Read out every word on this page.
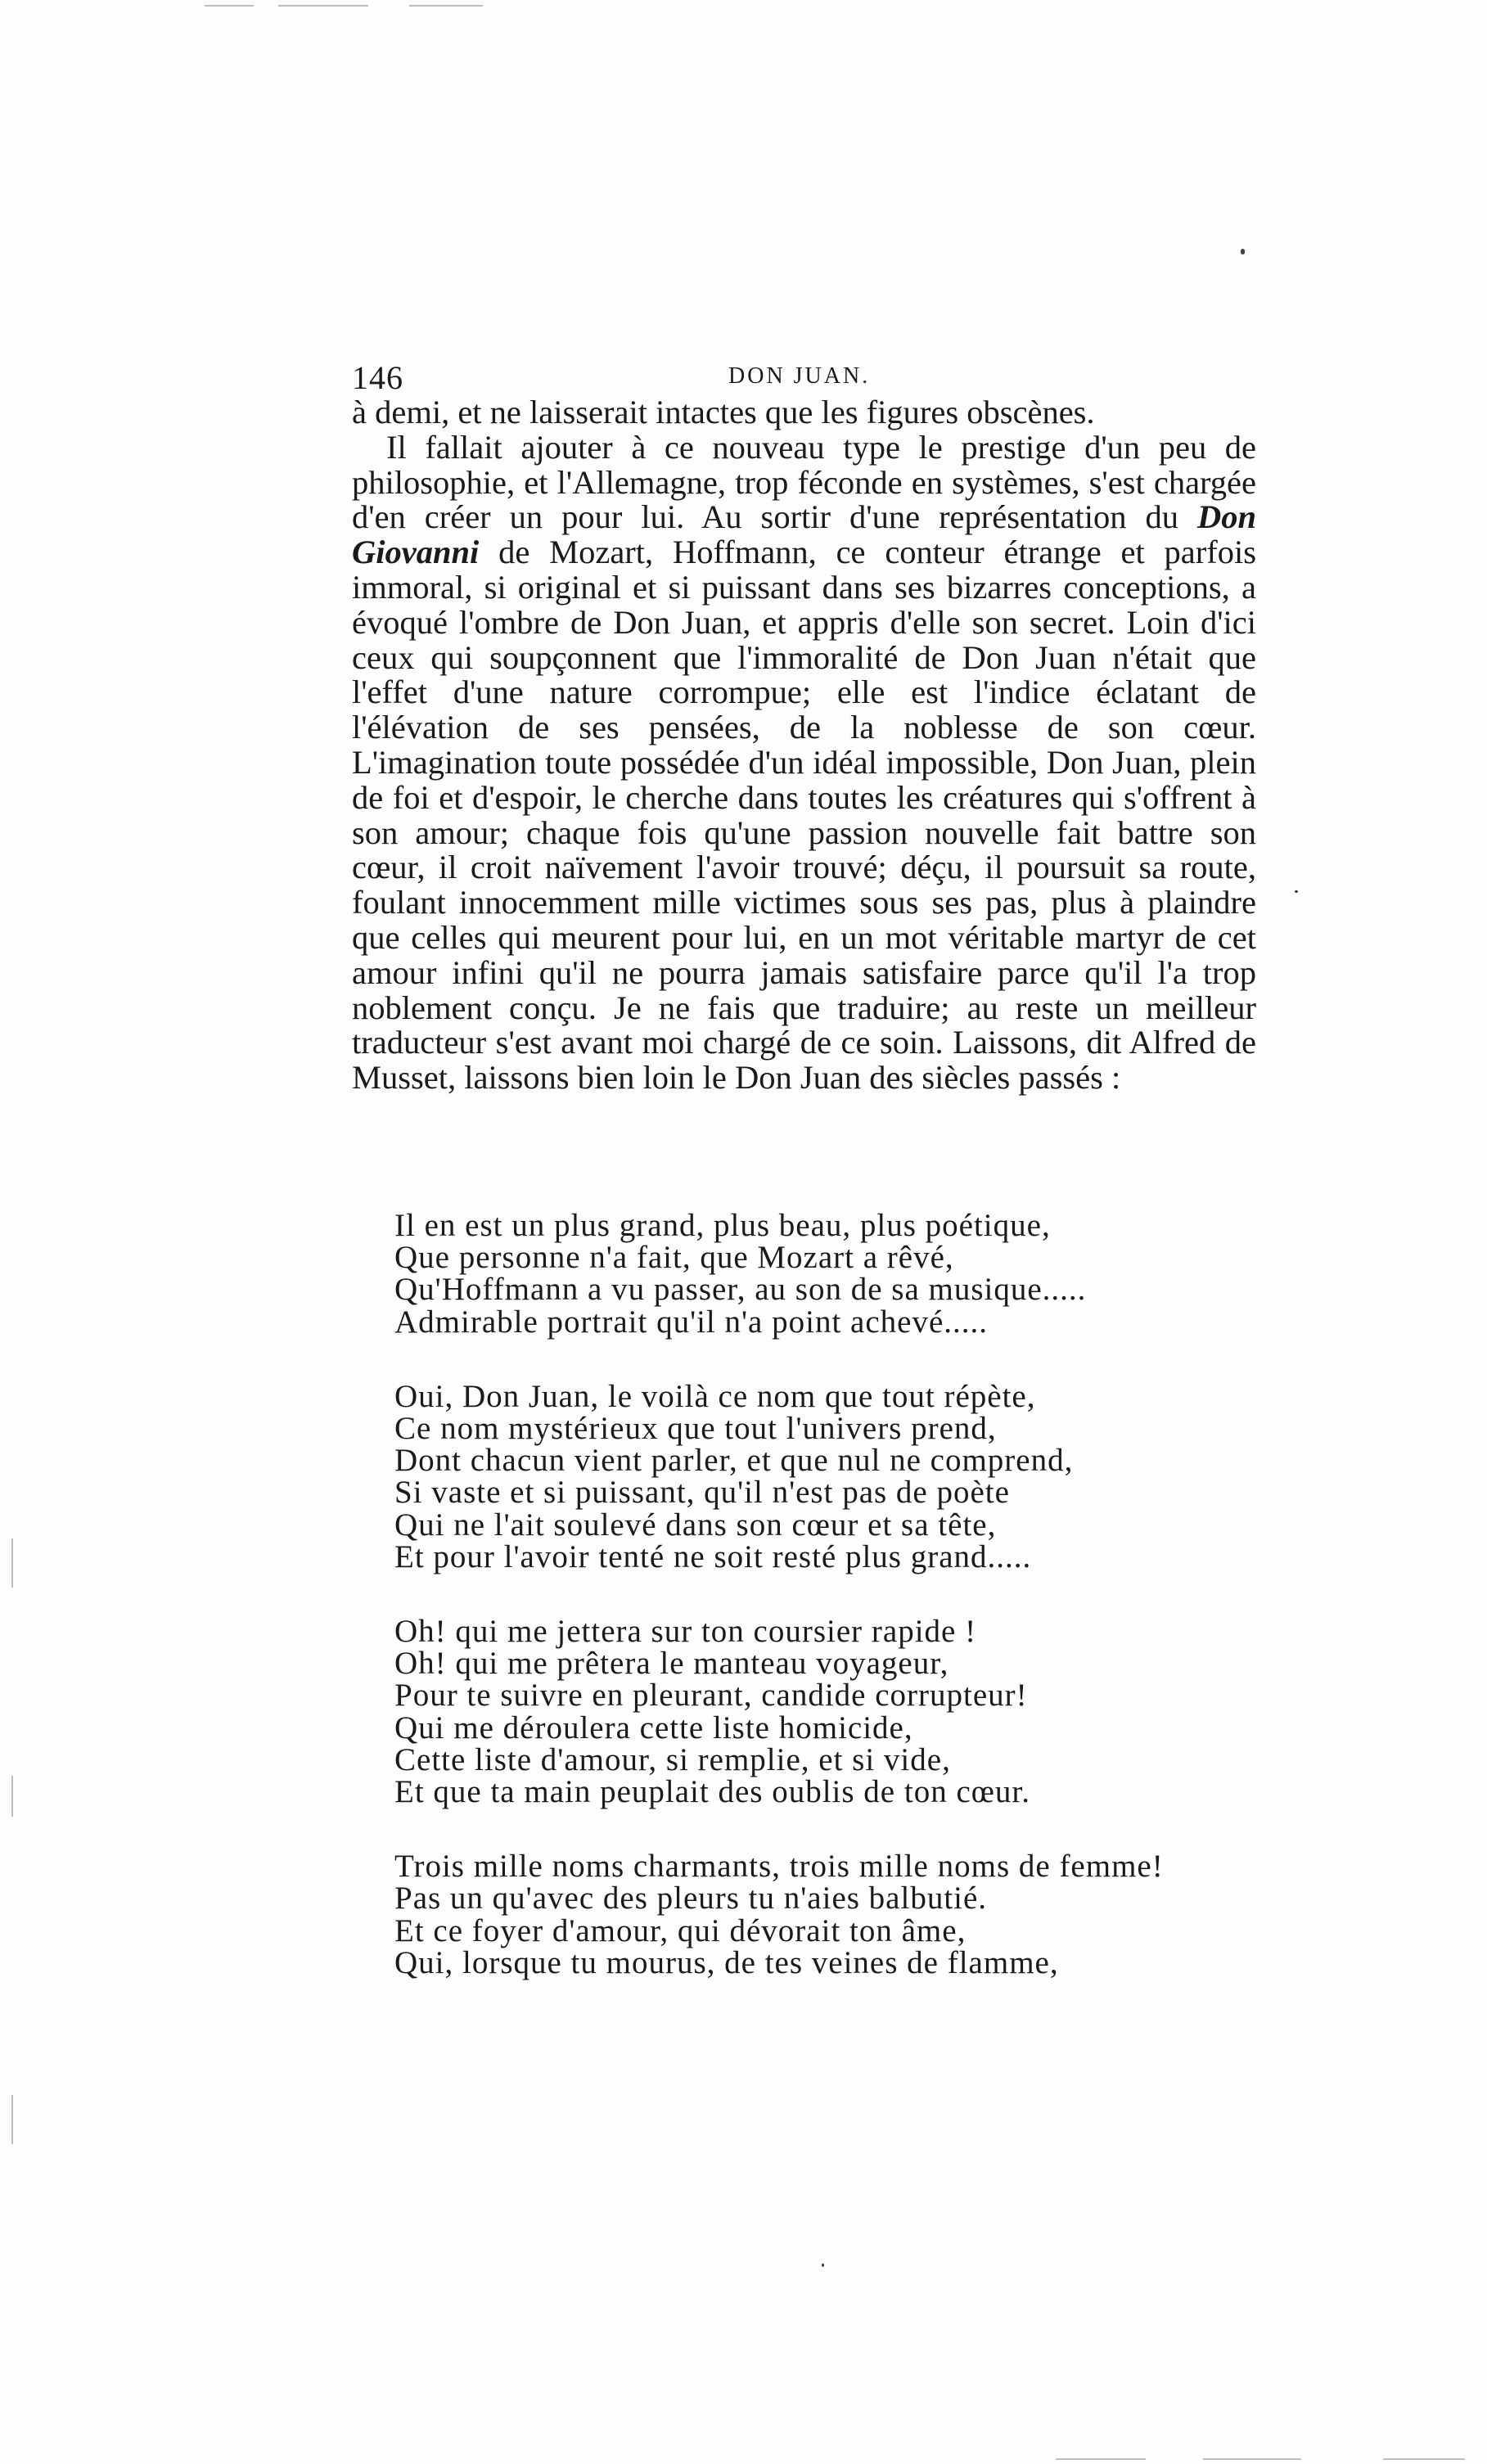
146	DON JUAN.

à demi, et ne laisserait intactes que les figures obscènes.

Il fallait ajouter à ce nouveau type le prestige d'un peu de philosophie, et l'Allemagne, trop féconde en systèmes, s'est chargée d'en créer un pour lui. Au sortir d'une représentation du Don Giovanni de Mozart, Hoffmann, ce conteur étrange et parfois immoral, si original et si puissant dans ses bizarres conceptions, a évoqué l'ombre de Don Juan, et appris d'elle son secret. Loin d'ici ceux qui soupçonnent que l'immoralité de Don Juan n'était que l'effet d'une nature corrompue; elle est l'indice éclatant de l'élévation de ses pensées, de la noblesse de son cœur. L'imagination toute possédée d'un idéal impossible, Don Juan, plein de foi et d'espoir, le cherche dans toutes les créatures qui s'offrent à son amour; chaque fois qu'une passion nouvelle fait battre son cœur, il croit naïvement l'avoir trouvé; déçu, il poursuit sa route, foulant innocemment mille victimes sous ses pas, plus à plaindre que celles qui meurent pour lui, en un mot véritable martyr de cet amour infini qu'il ne pourra jamais satisfaire parce qu'il l'a trop noblement conçu. Je ne fais que traduire; au reste un meilleur traducteur s'est avant moi chargé de ce soin. Laissons, dit Alfred de Musset, laissons bien loin le Don Juan des siècles passés :

Il en est un plus grand, plus beau, plus poétique,
Que personne n'a fait, que Mozart a rêvé,
Qu'Hoffmann a vu passer, au son de sa musique.....
Admirable portrait qu'il n'a point achevé.....
Oui, Don Juan, le voilà ce nom que tout répète,
Ce nom mystérieux que tout l'univers prend,
Dont chacun vient parler, et que nul ne comprend,
Si vaste et si puissant, qu'il n'est pas de poète
Qui ne l'ait soulevé dans son cœur et sa tête,
Et pour l'avoir tenté ne soit resté plus grand.....
Oh! qui me jettera sur ton coursier rapide !
Oh! qui me prêtera le manteau voyageur,
Pour te suivre en pleurant, candide corrupteur!
Qui me déroulera cette liste homicide,
Cette liste d'amour, si remplie, et si vide,
Et que ta main peuplait des oublis de ton cœur.
Trois mille noms charmants, trois mille noms de femme!
Pas un qu'avec des pleurs tu n'aies balbutié.
Et ce foyer d'amour, qui dévorait ton âme,
Qui, lorsque tu mourus, de tes veines de flamme,
